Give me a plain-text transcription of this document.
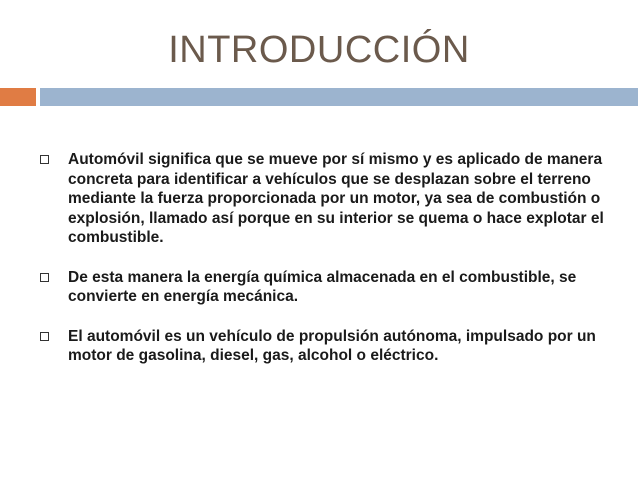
INTRODUCCIÓN
Automóvil significa que se mueve por sí mismo y es aplicado de manera concreta para identificar a vehículos que se desplazan sobre el terreno mediante la fuerza proporcionada por un motor, ya sea de combustión o explosión, llamado así porque en su interior se quema o hace explotar el combustible.
De esta manera la energía química almacenada en el combustible, se convierte en energía mecánica.
El automóvil es un vehículo de propulsión autónoma, impulsado por un motor de gasolina, diesel, gas, alcohol o eléctrico.
